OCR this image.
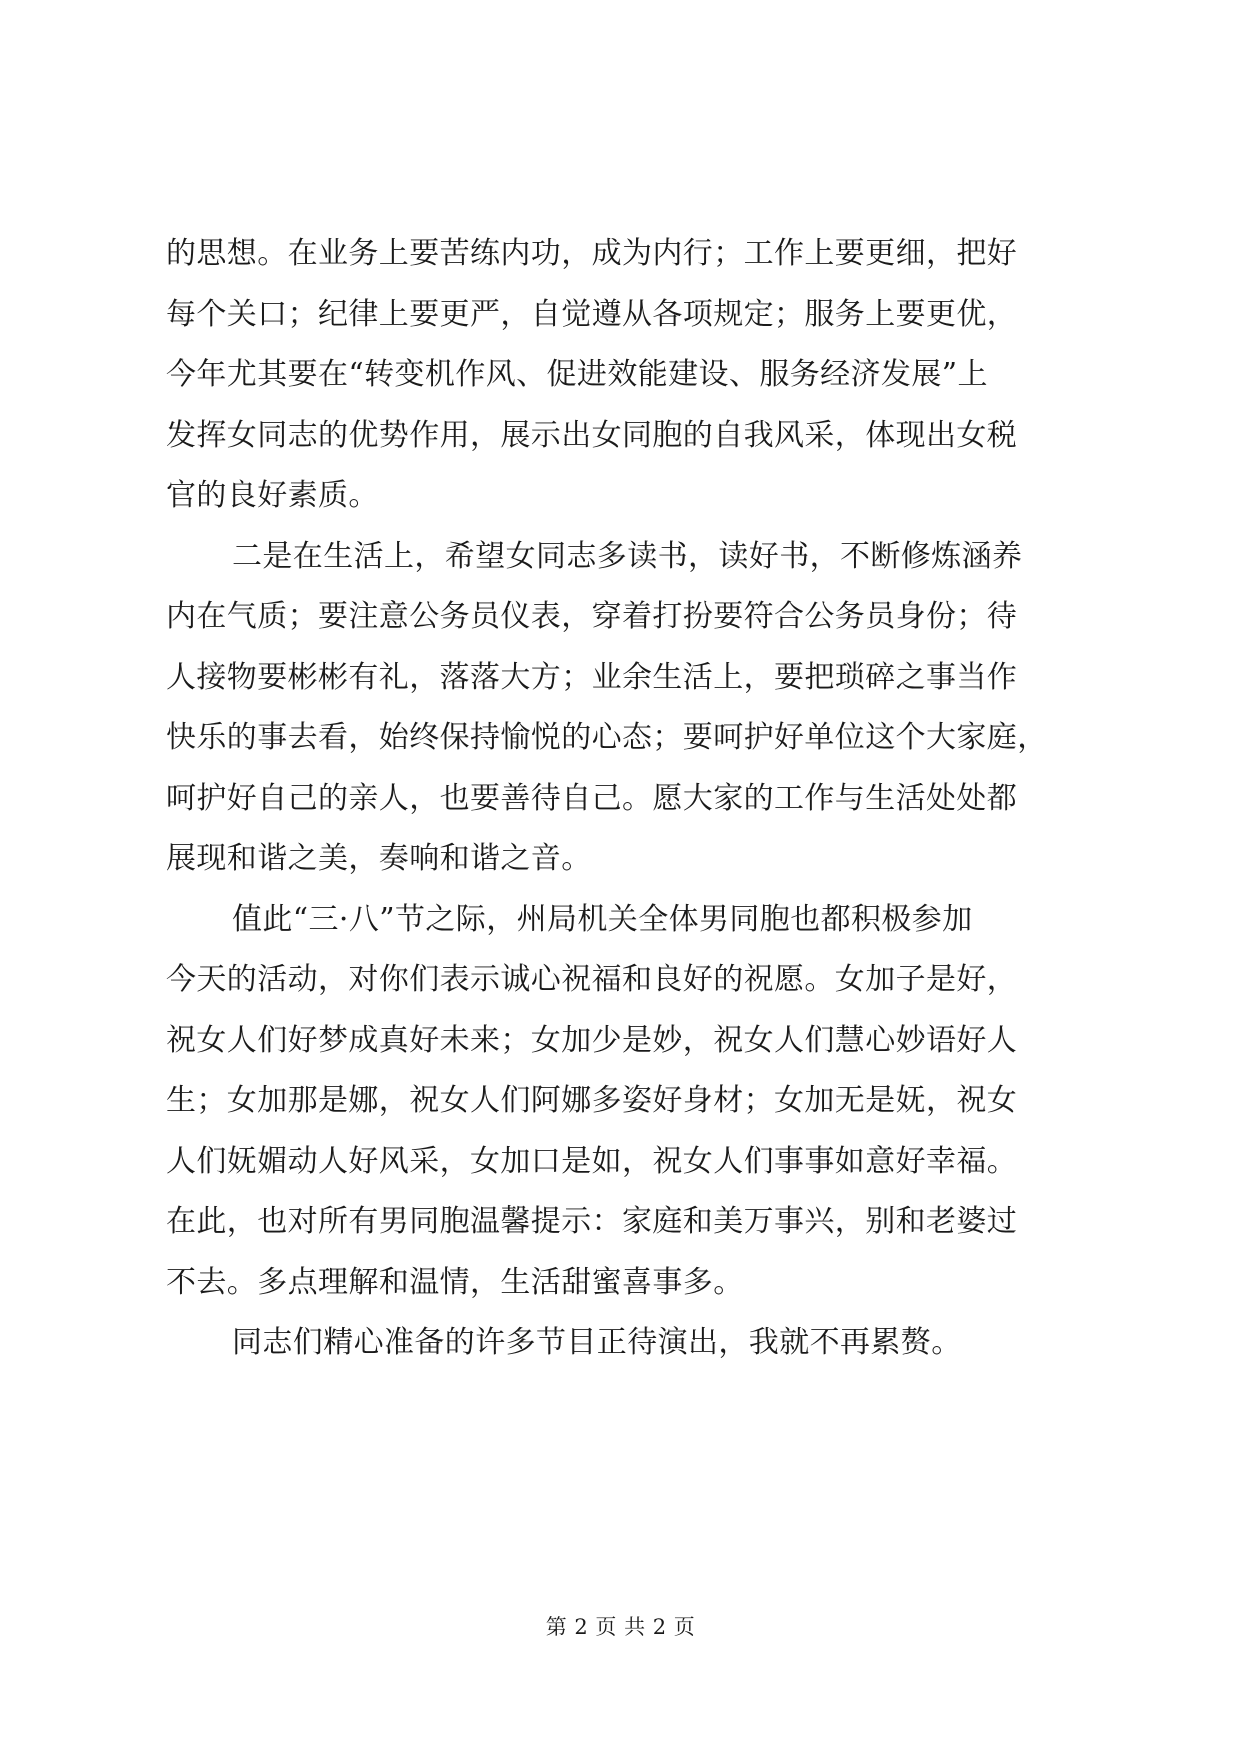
的思想。在业务上要苦练内功，成为内行；工作上要更细，把好
每个关口；纪律上要更严，自觉遵从各项规定；服务上要更优，
今年尤其要在“转变机作风、促进效能建设、服务经济发展”上
发挥女同志的优势作用，展示出女同胞的自我风采，体现出女税
官的良好素质。
二是在生活上，希望女同志多读书，读好书，不断修炼涵养
内在气质；要注意公务员仪表，穿着打扮要符合公务员身份；待
人接物要彬彬有礼，落落大方；业余生活上，要把琐碎之事当作
快乐的事去看，始终保持愉悦的心态；要呵护好单位这个大家庭，
呵护好自己的亲人，也要善待自己。愿大家的工作与生活处处都
展现和谐之美，奏响和谐之音。
值此“三·八”节之际，州局机关全体男同胞也都积极参加
今天的活动，对你们表示诚心祝福和良好的祝愿。女加子是好，
祝女人们好梦成真好未来；女加少是妙，祝女人们慧心妙语好人
生；女加那是娜，祝女人们阿娜多姿好身材；女加无是妩，祝女
人们妩媚动人好风采，女加口是如，祝女人们事事如意好幸福。
在此，也对所有男同胞温馨提示：家庭和美万事兴，别和老婆过
不去。多点理解和温情，生活甜蜜喜事多。
同志们精心准备的许多节目正待演出，我就不再累赘。
第 2 页 共 2 页
